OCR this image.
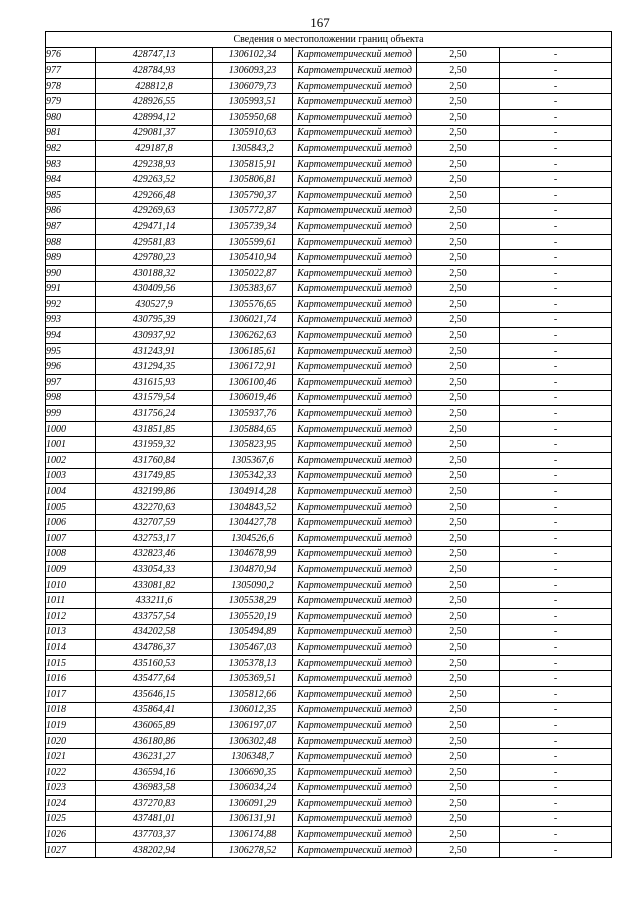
167
Сведения о местоположении границ объекта					
976	428747,13	1306102,34	Картометрический метод	2,50	-
977	428784,93	1306093,23	Картометрический метод	2,50	-
978	428812,8	1306079,73	Картометрический метод	2,50	-
979	428926,55	1305993,51	Картометрический метод	2,50	-
980	428994,12	1305950,68	Картометрический метод	2,50	-
981	429081,37	1305910,63	Картометрический метод	2,50	-
982	429187,8	1305843,2	Картометрический метод	2,50	-
983	429238,93	1305815,91	Картометрический метод	2,50	-
984	429263,52	1305806,81	Картометрический метод	2,50	-
985	429266,48	1305790,37	Картометрический метод	2,50	-
986	429269,63	1305772,87	Картометрический метод	2,50	-
987	429471,14	1305739,34	Картометрический метод	2,50	-
988	429581,83	1305599,61	Картометрический метод	2,50	-
989	429780,23	1305410,94	Картометрический метод	2,50	-
990	430188,32	1305022,87	Картометрический метод	2,50	-
991	430409,56	1305383,67	Картометрический метод	2,50	-
992	430527,9	1305576,65	Картометрический метод	2,50	-
993	430795,39	1306021,74	Картометрический метод	2,50	-
994	430937,92	1306262,63	Картометрический метод	2,50	-
995	431243,91	1306185,61	Картометрический метод	2,50	-
996	431294,35	1306172,91	Картометрический метод	2,50	-
997	431615,93	1306100,46	Картометрический метод	2,50	-
998	431579,54	1306019,46	Картометрический метод	2,50	-
999	431756,24	1305937,76	Картометрический метод	2,50	-
1000	431851,85	1305884,65	Картометрический метод	2,50	-
1001	431959,32	1305823,95	Картометрический метод	2,50	-
1002	431760,84	1305367,6	Картометрический метод	2,50	-
1003	431749,85	1305342,33	Картометрический метод	2,50	-
1004	432199,86	1304914,28	Картометрический метод	2,50	-
1005	432270,63	1304843,52	Картометрический метод	2,50	-
1006	432707,59	1304427,78	Картометрический метод	2,50	-
1007	432753,17	1304526,6	Картометрический метод	2,50	-
1008	432823,46	1304678,99	Картометрический метод	2,50	-
1009	433054,33	1304870,94	Картометрический метод	2,50	-
1010	433081,82	1305090,2	Картометрический метод	2,50	-
1011	433211,6	1305538,29	Картометрический метод	2,50	-
1012	433757,54	1305520,19	Картометрический метод	2,50	-
1013	434202,58	1305494,89	Картометрический метод	2,50	-
1014	434786,37	1305467,03	Картометрический метод	2,50	-
1015	435160,53	1305378,13	Картометрический метод	2,50	-
1016	435477,64	1305369,51	Картометрический метод	2,50	-
1017	435646,15	1305812,66	Картометрический метод	2,50	-
1018	435864,41	1306012,35	Картометрический метод	2,50	-
1019	436065,89	1306197,07	Картометрический метод	2,50	-
1020	436180,86	1306302,48	Картометрический метод	2,50	-
1021	436231,27	1306348,7	Картометрический метод	2,50	-
1022	436594,16	1306690,35	Картометрический метод	2,50	-
1023	436983,58	1306034,24	Картометрический метод	2,50	-
1024	437270,83	1306091,29	Картометрический метод	2,50	-
1025	437481,01	1306131,91	Картометрический метод	2,50	-
1026	437703,37	1306174,88	Картометрический метод	2,50	-
1027	438202,94	1306278,52	Картометрический метод	2,50	-
